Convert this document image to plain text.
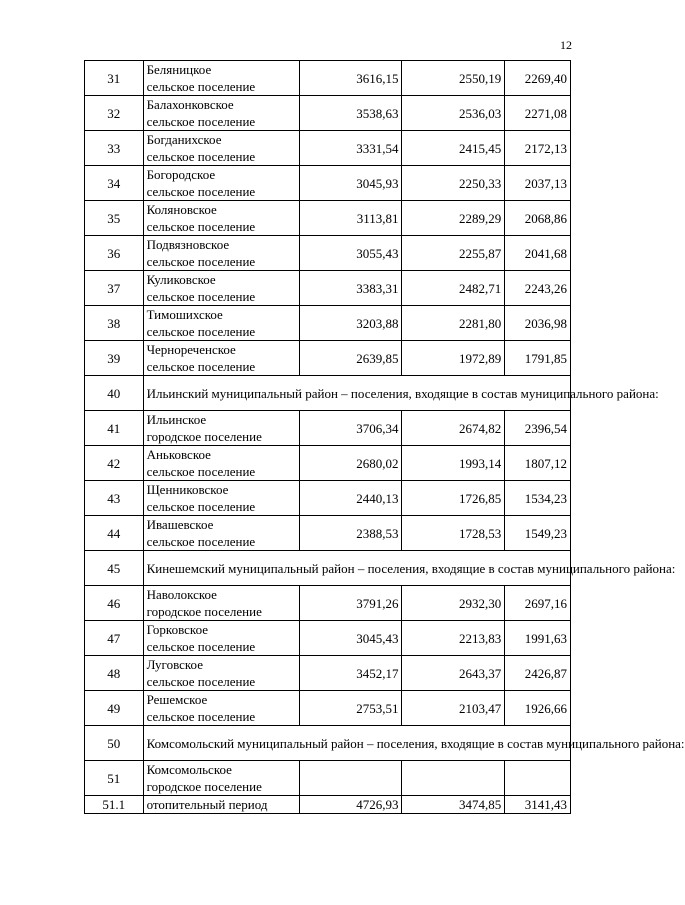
12
31	Беляницкое
сельское поселение	3616,15	2550,19	2269,40
32	Балахонковское
сельское поселение	3538,63	2536,03	2271,08
33	Богданихское
сельское поселение	3331,54	2415,45	2172,13
34	Богородское
сельское поселение	3045,93	2250,33	2037,13
35	Коляновское
сельское поселение	3113,81	2289,29	2068,86
36	Подвязновское
сельское поселение	3055,43	2255,87	2041,68
37	Куликовское
сельское поселение	3383,31	2482,71	2243,26
38	Тимошихское
сельское поселение	3203,88	2281,80	2036,98
39	Чернореченское
сельское поселение	2639,85	1972,89	1791,85
40	Ильинский муниципальный район – поселения, входящие в состав муниципального района:			
41	Ильинское
городское поселение	3706,34	2674,82	2396,54
42	Аньковское
сельское поселение	2680,02	1993,14	1807,12
43	Щенниковское
сельское поселение	2440,13	1726,85	1534,23
44	Ивашевское
сельское поселение	2388,53	1728,53	1549,23
45	Кинешемский муниципальный район – поселения, входящие в состав муниципального района:			
46	Наволокское
городское поселение	3791,26	2932,30	2697,16
47	Горковское
сельское поселение	3045,43	2213,83	1991,63
48	Луговское
сельское поселение	3452,17	2643,37	2426,87
49	Решемское
сельское поселение	2753,51	2103,47	1926,66
50	Комсомольский муниципальный район – поселения, входящие в состав муниципального района:			
51	Комсомольское
городское поселение			

51.1	отопительный период	4726,93	3474,85	3141,43
